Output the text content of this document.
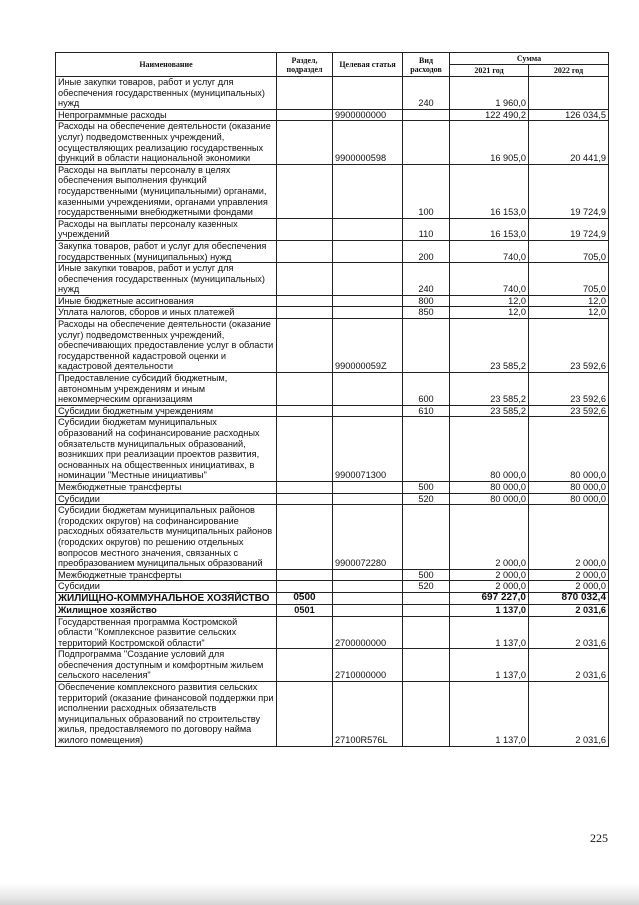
Наименование	Раздел, подраздел	Целевая статья	Вид расходов	Сумма	
				2021 год	2022 год
Иные закупки товаров, работ и услуг для обеспечения государственных (муниципальных) нужд			240	1 960,0	
Непрограммные расходы		9900000000		122 490,2	126 034,5
Расходы на обеспечение деятельности (оказание услуг) подведомственных учреждений, осуществляющих реализацию государственных функций в области национальной экономики		9900000598		16 905,0	20 441,9
Расходы на выплаты персоналу в целях обеспечения выполнения функций государственными (муниципальными) органами, казенными учреждениями, органами управления государственными внебюджетными фондами			100	16 153,0	19 724,9
Расходы на выплаты персоналу казенных учреждений			110	16 153,0	19 724,9
Закупка товаров, работ и услуг для обеспечения государственных (муниципальных) нужд			200	740,0	705,0
Иные закупки товаров, работ и услуг для обеспечения государственных (муниципальных) нужд			240	740,0	705,0
Иные бюджетные ассигнования			800	12,0	12,0
Уплата налогов, сборов и иных платежей			850	12,0	12,0
Расходы на обеспечение деятельности (оказание услуг) подведомственных учреждений, обеспечивающих предоставление услуг в области государственной кадастровой оценки и кадастровой деятельности		990000059Z		23 585,2	23 592,6
Предоставление субсидий бюджетным, автономным учреждениям и иным некоммерческим организациям			600	23 585,2	23 592,6
Субсидии бюджетным учреждениям			610	23 585,2	23 592,6
Субсидии бюджетам муниципальных образований на софинансирование расходных обязательств муниципальных образований, возникших при реализации проектов развития, основанных на общественных инициативах, в номинации "Местные инициативы"		9900071300		80 000,0	80 000,0
Межбюджетные трансферты			500	80 000,0	80 000,0
Субсидии			520	80 000,0	80 000,0
Субсидии бюджетам муниципальных районов (городских округов) на софинансирование расходных обязательств муниципальных районов (городских округов) по решению отдельных вопросов местного значения, связанных с преобразованием муниципальных образований		9900072280		2 000,0	2 000,0
Межбюджетные трансферты			500	2 000,0	2 000,0
Субсидии			520	2 000,0	2 000,0
ЖИЛИЩНО-КОММУНАЛЬНОЕ ХОЗЯЙСТВО	0500			697 227,0	870 032,4
Жилищное хозяйство	0501			1 137,0	2 031,6
Государственная программа Костромской области "Комплексное развитие сельских территорий Костромской области"		2700000000		1 137,0	2 031,6
Подпрограмма "Создание условий для обеспечения доступным и комфортным жильем сельского населения"		2710000000		1 137,0	2 031,6
Обеспечение комплексного развития сельских территорий (оказание финансовой поддержки при исполнении расходных обязательств муниципальных образований по строительству жилья, предоставляемого по договору найма жилого помещения)		27100R576L		1 137,0	2 031,6
225
